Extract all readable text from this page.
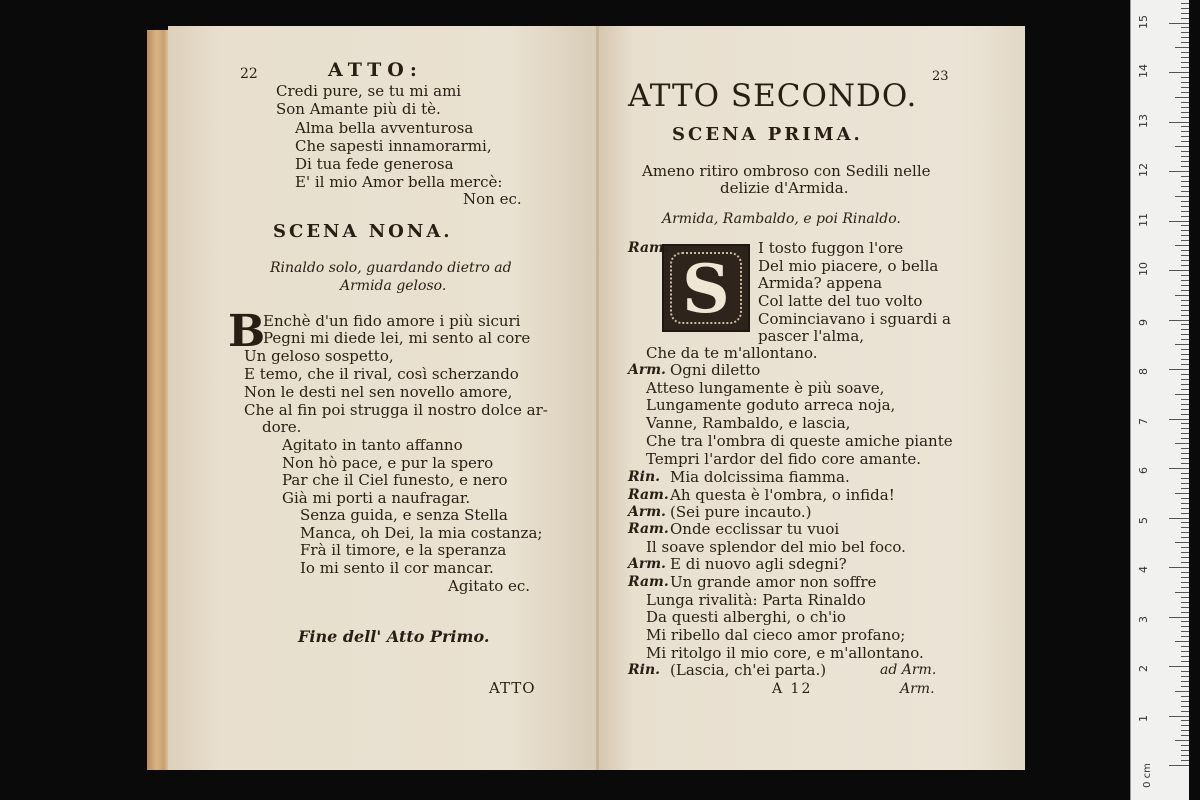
22	ATTO:
Credi pure, se tu mi ami
Son Amante più di tè.
Alma bella avventurosa
Che sapesti innamorarmi,
Di tua fede generosa
E' il mio Amor bella mercè:
Non ec.
SCENA NONA.
Rinaldo solo, guardando dietro ad
Armida geloso.
B
Enchè d'un fido amore i più sicuri
Pegni mi diede lei, mi sento al core
Un geloso sospetto,
E temo, che il rival, così scherzando
Non le desti nel sen novello amore,
Che al fin poi strugga il nostro dolce ar-
dore.
Agitato in tanto affanno
Non hò pace, e pur la spero
Par che il Ciel funesto, e nero
Già mi porti a naufragar.
Senza guida, e senza Stella
Manca, oh Dei, la mia costanza;
Frà il timore, e la speranza
Io mi sento il cor mancar.
Agitato ec.
Fine dell' Atto Primo.
ATTO
23
ATTO SECONDO.
SCENA PRIMA.
Ameno ritiro ombroso con Sedili nelle
delizie d'Armida.
Armida, Rambaldo, e poi Rinaldo.
S
Ram.	I tosto fuggon l'ore
Del mio piacere, o bella
Armida? appena
Col latte del tuo volto
Cominciavano i sguardi a
pascer l'alma,
Che da te m'allontano.
Arm. Ogni diletto
Atteso lungamente è più soave,
Lungamente goduto arreca noja,
Vanne, Rambaldo, e lascia,
Che tra l'ombra di queste amiche piante
Tempri l'ardor del fido core amante.
Rin. Mia dolcissima fiamma.
Ram. Ah questa è l'ombra, o infida!
Arm. (Sei pure incauto.)
Ram. Onde ecclissar tu vuoi
Il soave splendor del mio bel foco.
Arm. E di nuovo agli sdegni?
Ram. Un grande amor non soffre
Lunga rivalità: Parta Rinaldo
Da questi alberghi, o ch'io
Mi ribello dal cieco amor profano;
Mi ritolgo il mio core, e m'allontano.
Rin. (Lascia, ch'ei parta.)	ad Arm.
A 12	Arm.
0 cm
1
2
3
4
5
6
7
8
9
10
11
12
13
14
15
